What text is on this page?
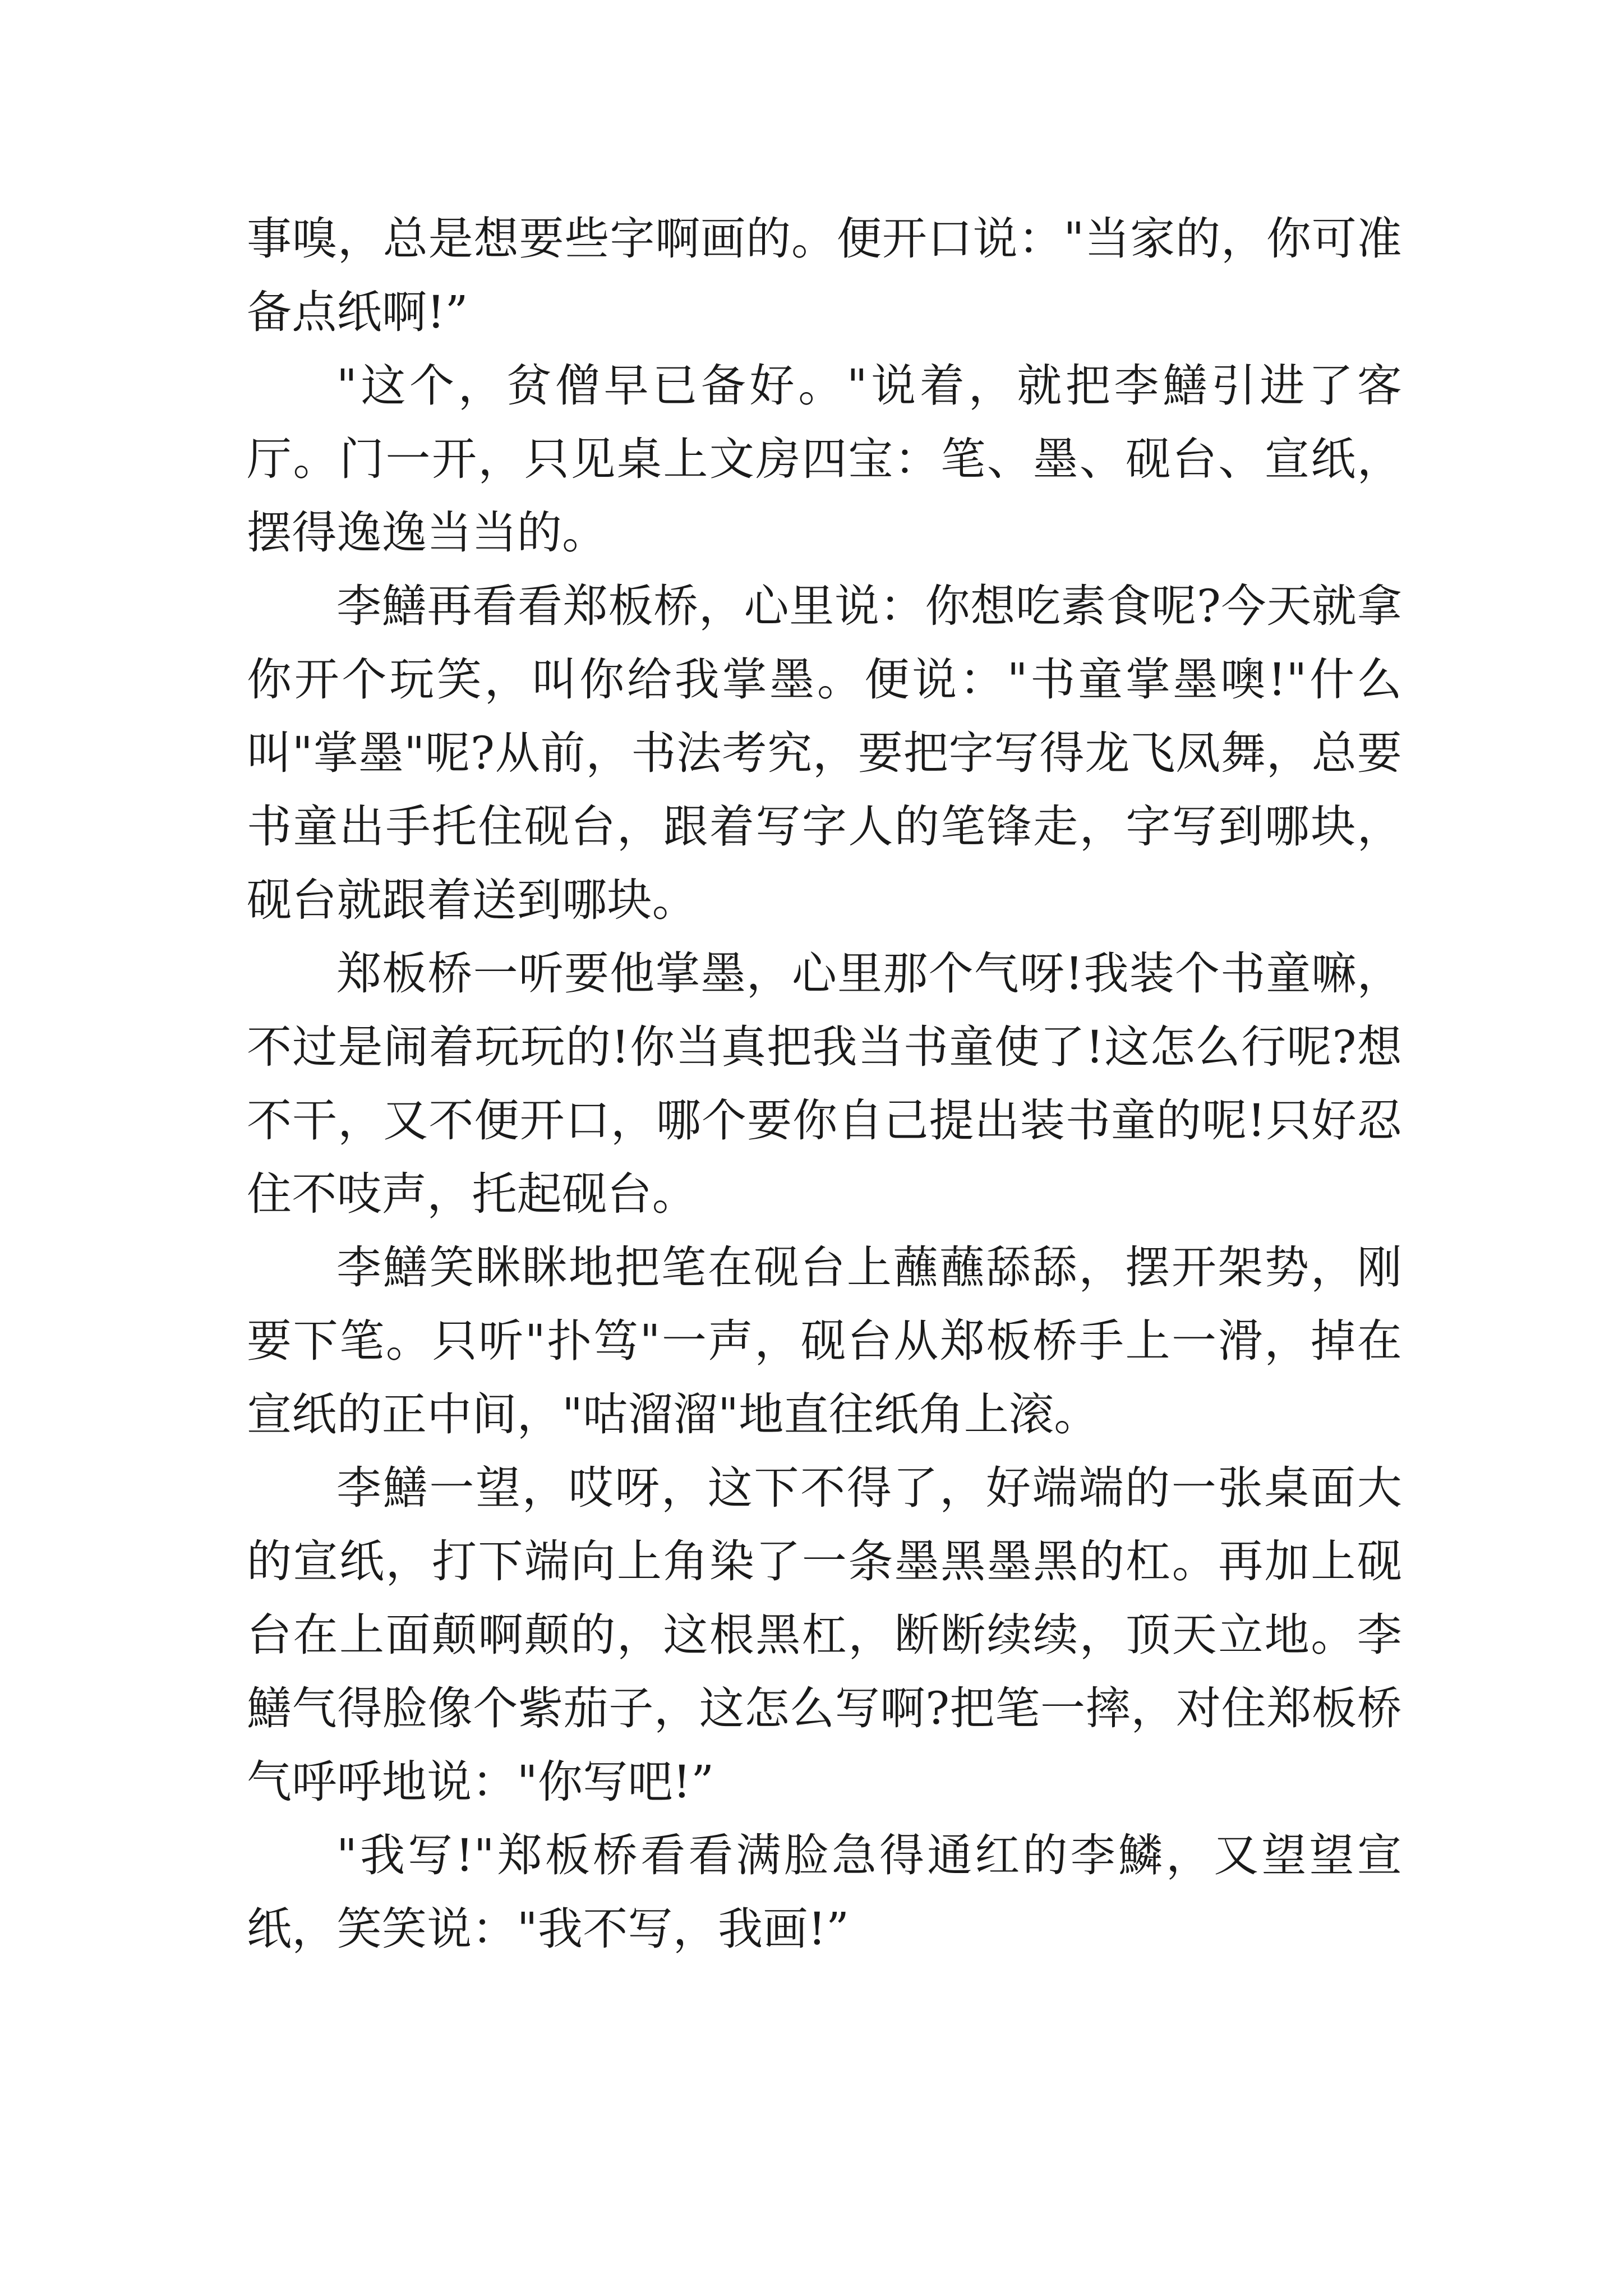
事嗅，总是想要些字啊画的。便开口说："当家的，你可准备点纸啊!”

"这个，贫僧早已备好。"说着，就把李鱔引进了客厅。门一开，只见桌上文房四宝：笔、墨、砚台、宣纸，摆得逸逸当当的。

李鱔再看看郑板桥，心里说：你想吃素食呢?今天就拿你开个玩笑，叫你给我掌墨。便说："书童掌墨噢!"什么叫"掌墨"呢?从前，书法考究，要把字写得龙飞凤舞，总要书童出手托住砚台，跟着写字人的笔锋走，字写到哪块，砚台就跟着送到哪块。

郑板桥一听要他掌墨，心里那个气呀!我装个书童嘛，不过是闹着玩玩的!你当真把我当书童使了!这怎么行呢?想不干，又不便开口，哪个要你自己提出装书童的呢!只好忍住不吱声，托起砚台。

李鱔笑眯眯地把笔在砚台上蘸蘸舔舔，摆开架势，刚要下笔。只听"扑笃"一声，砚台从郑板桥手上一滑，掉在宣纸的正中间，"咕溜溜"地直往纸角上滚。

李鱔一望，哎呀，这下不得了，好端端的一张桌面大的宣纸，打下端向上角染了一条墨黑墨黑的杠。再加上砚台在上面颠啊颠的，这根黑杠，断断续续，顶天立地。李鱔气得脸像个紫茄子，这怎么写啊?把笔一摔，对住郑板桥气呼呼地说："你写吧!”

"我写!"郑板桥看看满脸急得通红的李鱗，又望望宣纸，笑笑说："我不写，我画!”
